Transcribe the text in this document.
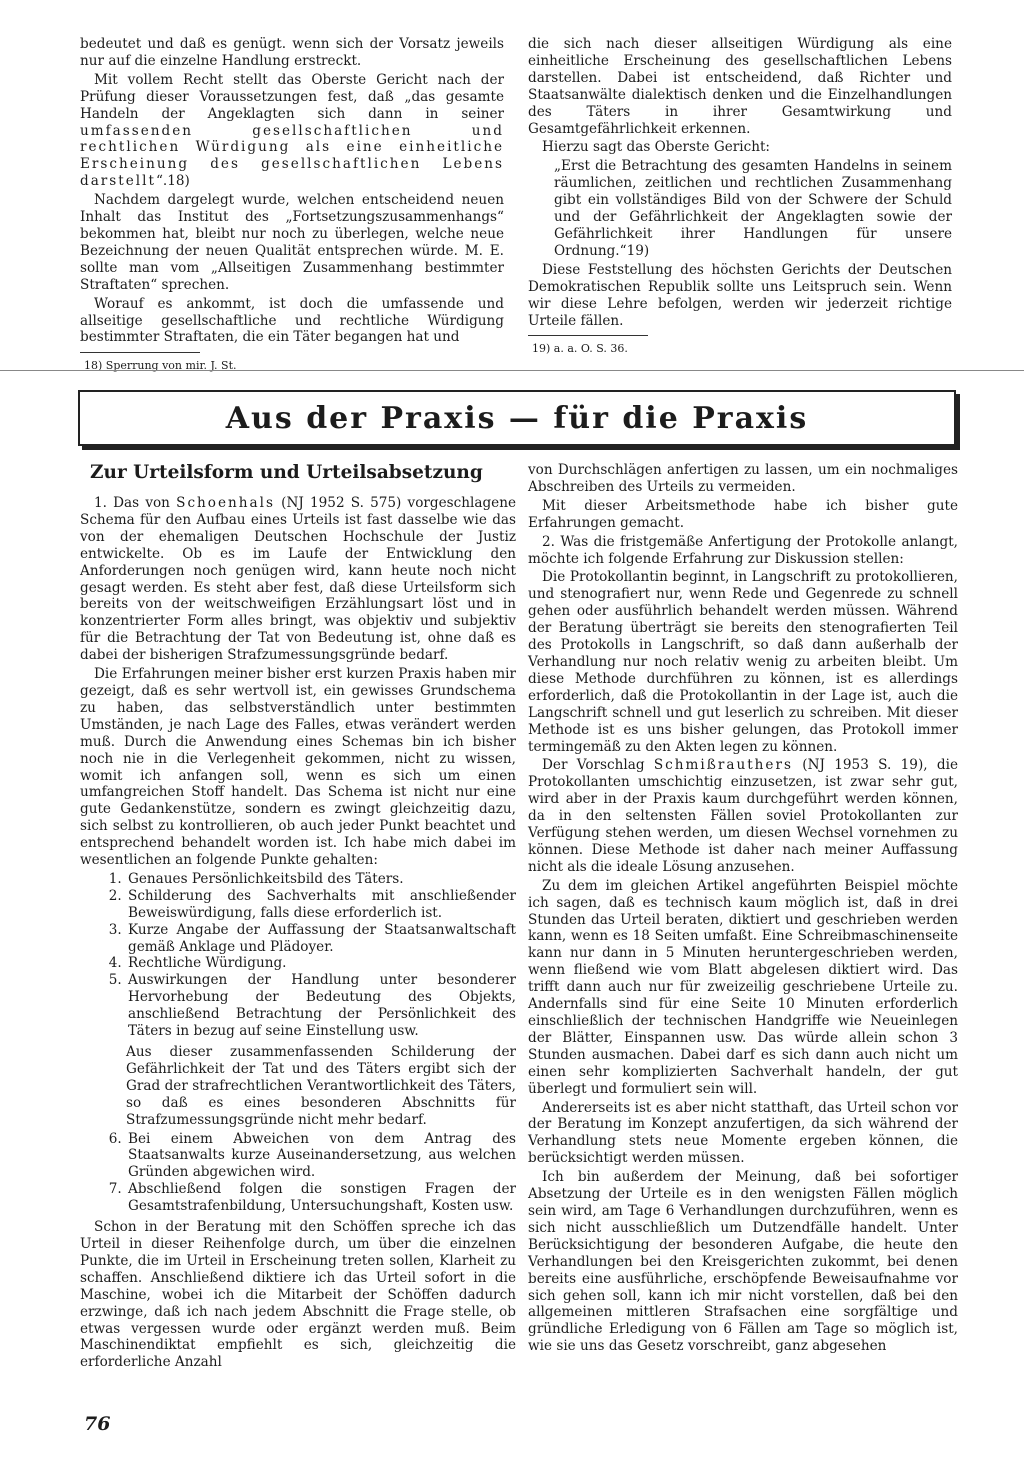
bedeutet und daß es genügt. wenn sich der Vorsatz jeweils nur auf die einzelne Handlung erstreckt.

Mit vollem Recht stellt das Oberste Gericht nach der Prüfung dieser Voraussetzungen fest, daß „das gesamte Handeln der Angeklagten sich dann in seiner umfassenden gesellschaftlichen und rechtlichen Würdigung als eine einheitliche Erscheinung des gesellschaftlichen Lebens darstellt“.18)

Nachdem dargelegt wurde, welchen entscheidend neuen Inhalt das Institut des „Fortsetzungszusammenhangs“ bekommen hat, bleibt nur noch zu überlegen, welche neue Bezeichnung der neuen Qualität entsprechen würde. M. E. sollte man vom „Allseitigen Zusammenhang bestimmter Straftaten“ sprechen.

Worauf es ankommt, ist doch die umfassende und allseitige gesellschaftliche und rechtliche Würdigung bestimmter Straftaten, die ein Täter begangen hat und

18) Sperrung von mir. J. St.

die sich nach dieser allseitigen Würdigung als eine einheitliche Erscheinung des gesellschaftlichen Lebens darstellen. Dabei ist entscheidend, daß Richter und Staatsanwälte dialektisch denken und die Einzelhandlungen des Täters in ihrer Gesamtwirkung und Gesamtgefährlichkeit erkennen.

Hierzu sagt das Oberste Gericht:

„Erst die Betrachtung des gesamten Handelns in seinem räumlichen, zeitlichen und rechtlichen Zusammenhang gibt ein vollständiges Bild von der Schwere der Schuld und der Gefährlichkeit der Angeklagten sowie der Gefährlichkeit ihrer Handlungen für unsere Ordnung.“19)

Diese Feststellung des höchsten Gerichts der Deutschen Demokratischen Republik sollte uns Leitspruch sein. Wenn wir diese Lehre befolgen, werden wir jederzeit richtige Urteile fällen.

19) a. a. O. S. 36.

Aus der Praxis — für die Praxis
Zur Urteilsform und Urteilsabsetzung

1. Das von Schoenhals (NJ 1952 S. 575) vorgeschlagene Schema für den Aufbau eines Urteils ist fast dasselbe wie das von der ehemaligen Deutschen Hochschule der Justiz entwickelte. Ob es im Laufe der Entwicklung den Anforderungen noch genügen wird, kann heute noch nicht gesagt werden. Es steht aber fest, daß diese Urteilsform sich bereits von der weitschweifigen Erzählungsart löst und in konzentrierter Form alles bringt, was objektiv und subjektiv für die Betrachtung der Tat von Bedeutung ist, ohne daß es dabei der bisherigen Strafzumessungsgründe bedarf.

Die Erfahrungen meiner bisher erst kurzen Praxis haben mir gezeigt, daß es sehr wertvoll ist, ein gewisses Grundschema zu haben, das selbstverständlich unter bestimmten Umständen, je nach Lage des Falles, etwas verändert werden muß. Durch die Anwendung eines Schemas bin ich bisher noch nie in die Verlegenheit gekommen, nicht zu wissen, womit ich anfangen soll, wenn es sich um einen umfangreichen Stoff handelt. Das Schema ist nicht nur eine gute Gedankenstütze, sondern es zwingt gleichzeitig dazu, sich selbst zu kontrollieren, ob auch jeder Punkt beachtet und entsprechend behandelt worden ist. Ich habe mich dabei im wesentlichen an folgende Punkte gehalten:

1. Genaues Persönlichkeitsbild des Täters.
2. Schilderung des Sachverhalts mit anschließender Beweiswürdigung, falls diese erforderlich ist.
3. Kurze Angabe der Auffassung der Staatsanwaltschaft gemäß Anklage und Plädoyer.
4. Rechtliche Würdigung.
5. Auswirkungen der Handlung unter besonderer Hervorhebung der Bedeutung des Objekts, anschließend Betrachtung der Persönlichkeit des Täters in bezug auf seine Einstellung usw.

Aus dieser zusammenfassenden Schilderung der Gefährlichkeit der Tat und des Täters ergibt sich der Grad der strafrechtlichen Verantwortlichkeit des Täters, so daß es eines besonderen Abschnitts für Strafzumessungsgründe nicht mehr bedarf.

6. Bei einem Abweichen von dem Antrag des Staatsanwalts kurze Auseinandersetzung, aus welchen Gründen abgewichen wird.
7. Abschließend folgen die sonstigen Fragen der Gesamtstrafenbildung, Untersuchungshaft, Kosten usw.

Schon in der Beratung mit den Schöffen spreche ich das Urteil in dieser Reihenfolge durch, um über die einzelnen Punkte, die im Urteil in Erscheinung treten sollen, Klarheit zu schaffen. Anschließend diktiere ich das Urteil sofort in die Maschine, wobei ich die Mitarbeit der Schöffen dadurch erzwinge, daß ich nach jedem Abschnitt die Frage stelle, ob etwas vergessen wurde oder ergänzt werden muß. Beim Maschinendiktat empfiehlt es sich, gleichzeitig die erforderliche Anzahl

von Durchschlägen anfertigen zu lassen, um ein nochmaliges Abschreiben des Urteils zu vermeiden.

Mit dieser Arbeitsmethode habe ich bisher gute Erfahrungen gemacht.

2. Was die fristgemäße Anfertigung der Protokolle anlangt, möchte ich folgende Erfahrung zur Diskussion stellen:

Die Protokollantin beginnt, in Langschrift zu protokollieren, und stenografiert nur, wenn Rede und Gegenrede zu schnell gehen oder ausführlich behandelt werden müssen. Während der Beratung überträgt sie bereits den stenografierten Teil des Protokolls in Langschrift, so daß dann außerhalb der Verhandlung nur noch relativ wenig zu arbeiten bleibt. Um diese Methode durchführen zu können, ist es allerdings erforderlich, daß die Protokollantin in der Lage ist, auch die Langschrift schnell und gut leserlich zu schreiben. Mit dieser Methode ist es uns bisher gelungen, das Protokoll immer termingemäß zu den Akten legen zu können.

Der Vorschlag Schmißrauthers (NJ 1953 S. 19), die Protokollanten umschichtig einzusetzen, ist zwar sehr gut, wird aber in der Praxis kaum durchgeführt werden können, da in den seltensten Fällen soviel Protokollanten zur Verfügung stehen werden, um diesen Wechsel vornehmen zu können. Diese Methode ist daher nach meiner Auffassung nicht als die ideale Lösung anzusehen.

Zu dem im gleichen Artikel angeführten Beispiel möchte ich sagen, daß es technisch kaum möglich ist, daß in drei Stunden das Urteil beraten, diktiert und geschrieben werden kann, wenn es 18 Seiten umfaßt. Eine Schreibmaschinenseite kann nur dann in 5 Minuten heruntergeschrieben werden, wenn fließend wie vom Blatt abgelesen diktiert wird. Das trifft dann auch nur für zweizeilig geschriebene Urteile zu. Andernfalls sind für eine Seite 10 Minuten erforderlich einschließlich der technischen Handgriffe wie Neueinlegen der Blätter, Einspannen usw. Das würde allein schon 3 Stunden ausmachen. Dabei darf es sich dann auch nicht um einen sehr komplizierten Sachverhalt handeln, der gut überlegt und formuliert sein will.

Andererseits ist es aber nicht statthaft, das Urteil schon vor der Beratung im Konzept anzufertigen, da sich während der Verhandlung stets neue Momente ergeben können, die berücksichtigt werden müssen.

Ich bin außerdem der Meinung, daß bei sofortiger Absetzung der Urteile es in den wenigsten Fällen möglich sein wird, am Tage 6 Verhandlungen durchzuführen, wenn es sich nicht ausschließlich um Dutzendfälle handelt. Unter Berücksichtigung der besonderen Aufgabe, die heute den Verhandlungen bei den Kreisgerichten zukommt, bei denen bereits eine ausführliche, erschöpfende Beweisaufnahme vor sich gehen soll, kann ich mir nicht vorstellen, daß bei den allgemeinen mittleren Strafsachen eine sorgfältige und gründliche Erledigung von 6 Fällen am Tage so möglich ist, wie sie uns das Gesetz vorschreibt, ganz abgesehen

76
